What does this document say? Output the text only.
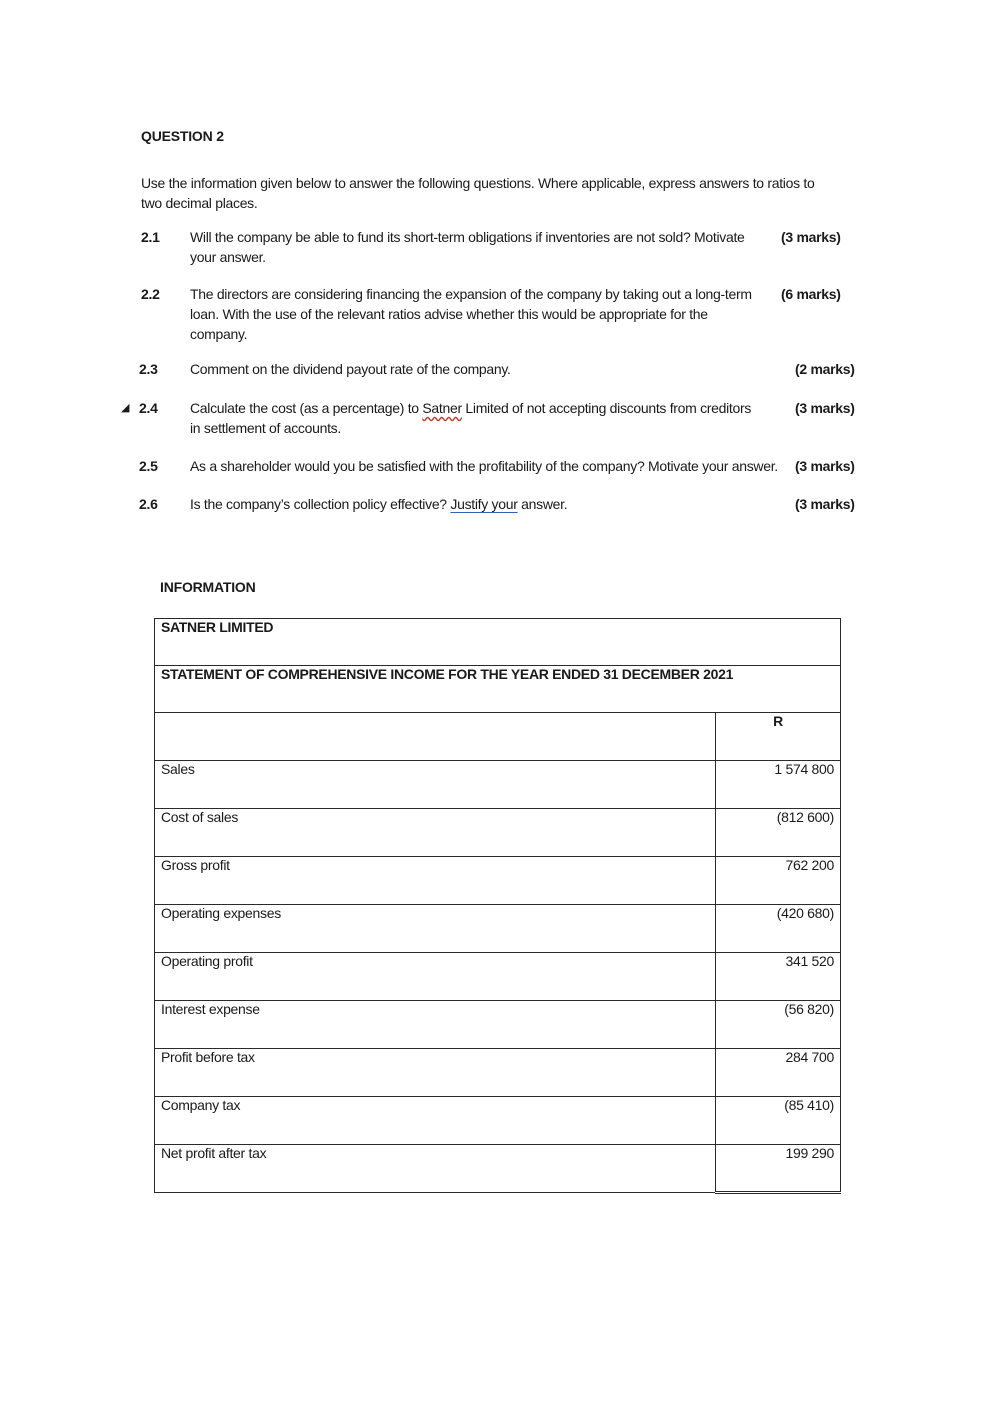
QUESTION 2
Use the information given below to answer the following questions. Where applicable, express answers to ratios to two decimal places.
2.1 Will the company be able to fund its short-term obligations if inventories are not sold? Motivate your answer.
(3 marks)
2.2 The directors are considering financing the expansion of the company by taking out a long-term loan. With the use of the relevant ratios advise whether this would be appropriate for the company.
(6 marks)
2.3 Comment on the dividend payout rate of the company.	(2 marks)
◢ 2.4 Calculate the cost (as a percentage) to Satner Limited of not accepting discounts from creditors in settlement of accounts.
(3 marks)
2.5 As a shareholder would you be satisfied with the profitability of the company? Motivate your answer. (3 marks)
2.6 Is the company’s collection policy effective? Justify your answer.	(3 marks)
INFORMATION
SATNER LIMITED	
STATEMENT OF COMPREHENSIVE INCOME FOR THE YEAR ENDED 31 DECEMBER 2021	
	R
Sales	1 574 800
Cost of sales	(812 600)
Gross profit	762 200
Operating expenses	(420 680)
Operating profit	341 520
Interest expense	(56 820)
Profit before tax	284 700
Company tax	(85 410)
Net profit after tax	199 290
